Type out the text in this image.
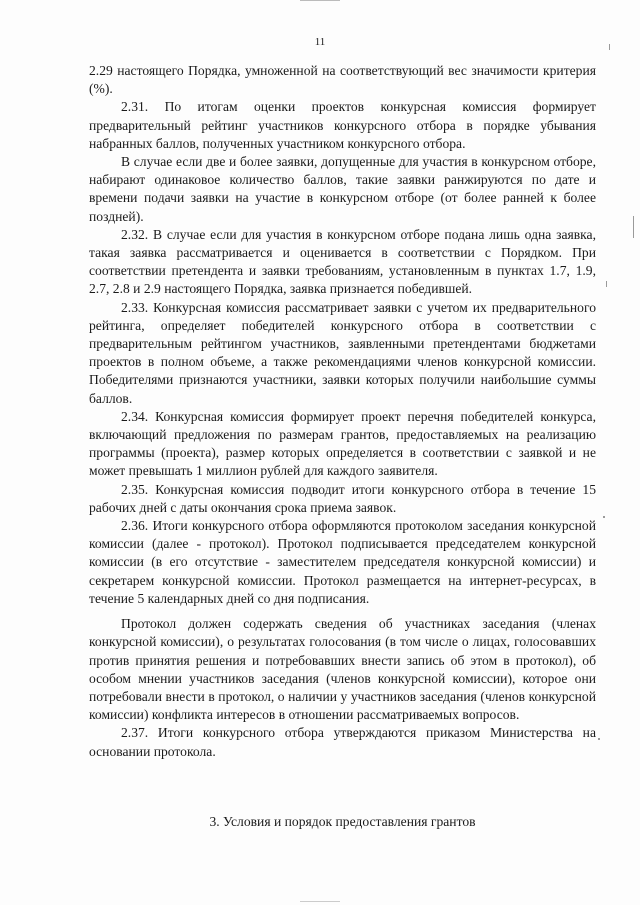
11

2.29 настоящего Порядка, умноженной на соответствующий вес значимости критерия (%).

2.31. По итогам оценки проектов конкурсная комиссия формирует предварительный рейтинг участников конкурсного отбора в порядке убывания набранных баллов, полученных участником конкурсного отбора.

В случае если две и более заявки, допущенные для участия в конкурсном отборе, набирают одинаковое количество баллов, такие заявки ранжируются по дате и времени подачи заявки на участие в конкурсном отборе (от более ранней к более поздней).

2.32. В случае если для участия в конкурсном отборе подана лишь одна заявка, такая заявка рассматривается и оценивается в соответствии с Порядком. При соответствии претендента и заявки требованиям, установленным в пунктах 1.7, 1.9, 2.7, 2.8 и 2.9 настоящего Порядка, заявка признается победившей.

2.33. Конкурсная комиссия рассматривает заявки с учетом их предварительного рейтинга, определяет победителей конкурсного отбора в соответствии с предварительным рейтингом участников, заявленными претендентами бюджетами проектов в полном объеме, а также рекомендациями членов конкурсной комиссии. Победителями признаются участники, заявки которых получили наибольшие суммы баллов.

2.34. Конкурсная комиссия формирует проект перечня победителей конкурса, включающий предложения по размерам грантов, предоставляемых на реализацию программы (проекта), размер которых определяется в соответствии с заявкой и не может превышать 1 миллион рублей для каждого заявителя.

2.35. Конкурсная комиссия подводит итоги конкурсного отбора в течение 15 рабочих дней с даты окончания срока приема заявок.

2.36. Итоги конкурсного отбора оформляются протоколом заседания конкурсной комиссии (далее - протокол). Протокол подписывается председателем конкурсной комиссии (в его отсутствие - заместителем председателя конкурсной комиссии) и секретарем конкурсной комиссии. Протокол размещается на интернет-ресурсах, в течение 5 календарных дней со дня подписания.

Протокол должен содержать сведения об участниках заседания (членах конкурсной комиссии), о результатах голосования (в том числе о лицах, голосовавших против принятия решения и потребовавших внести запись об этом в протокол), об особом мнении участников заседания (членов конкурсной комиссии), которое они потребовали внести в протокол, о наличии у участников заседания (членов конкурсной комиссии) конфликта интересов в отношении рассматриваемых вопросов.

2.37. Итоги конкурсного отбора утверждаются приказом Министерства на основании протокола.

3. Условия и порядок предоставления грантов
